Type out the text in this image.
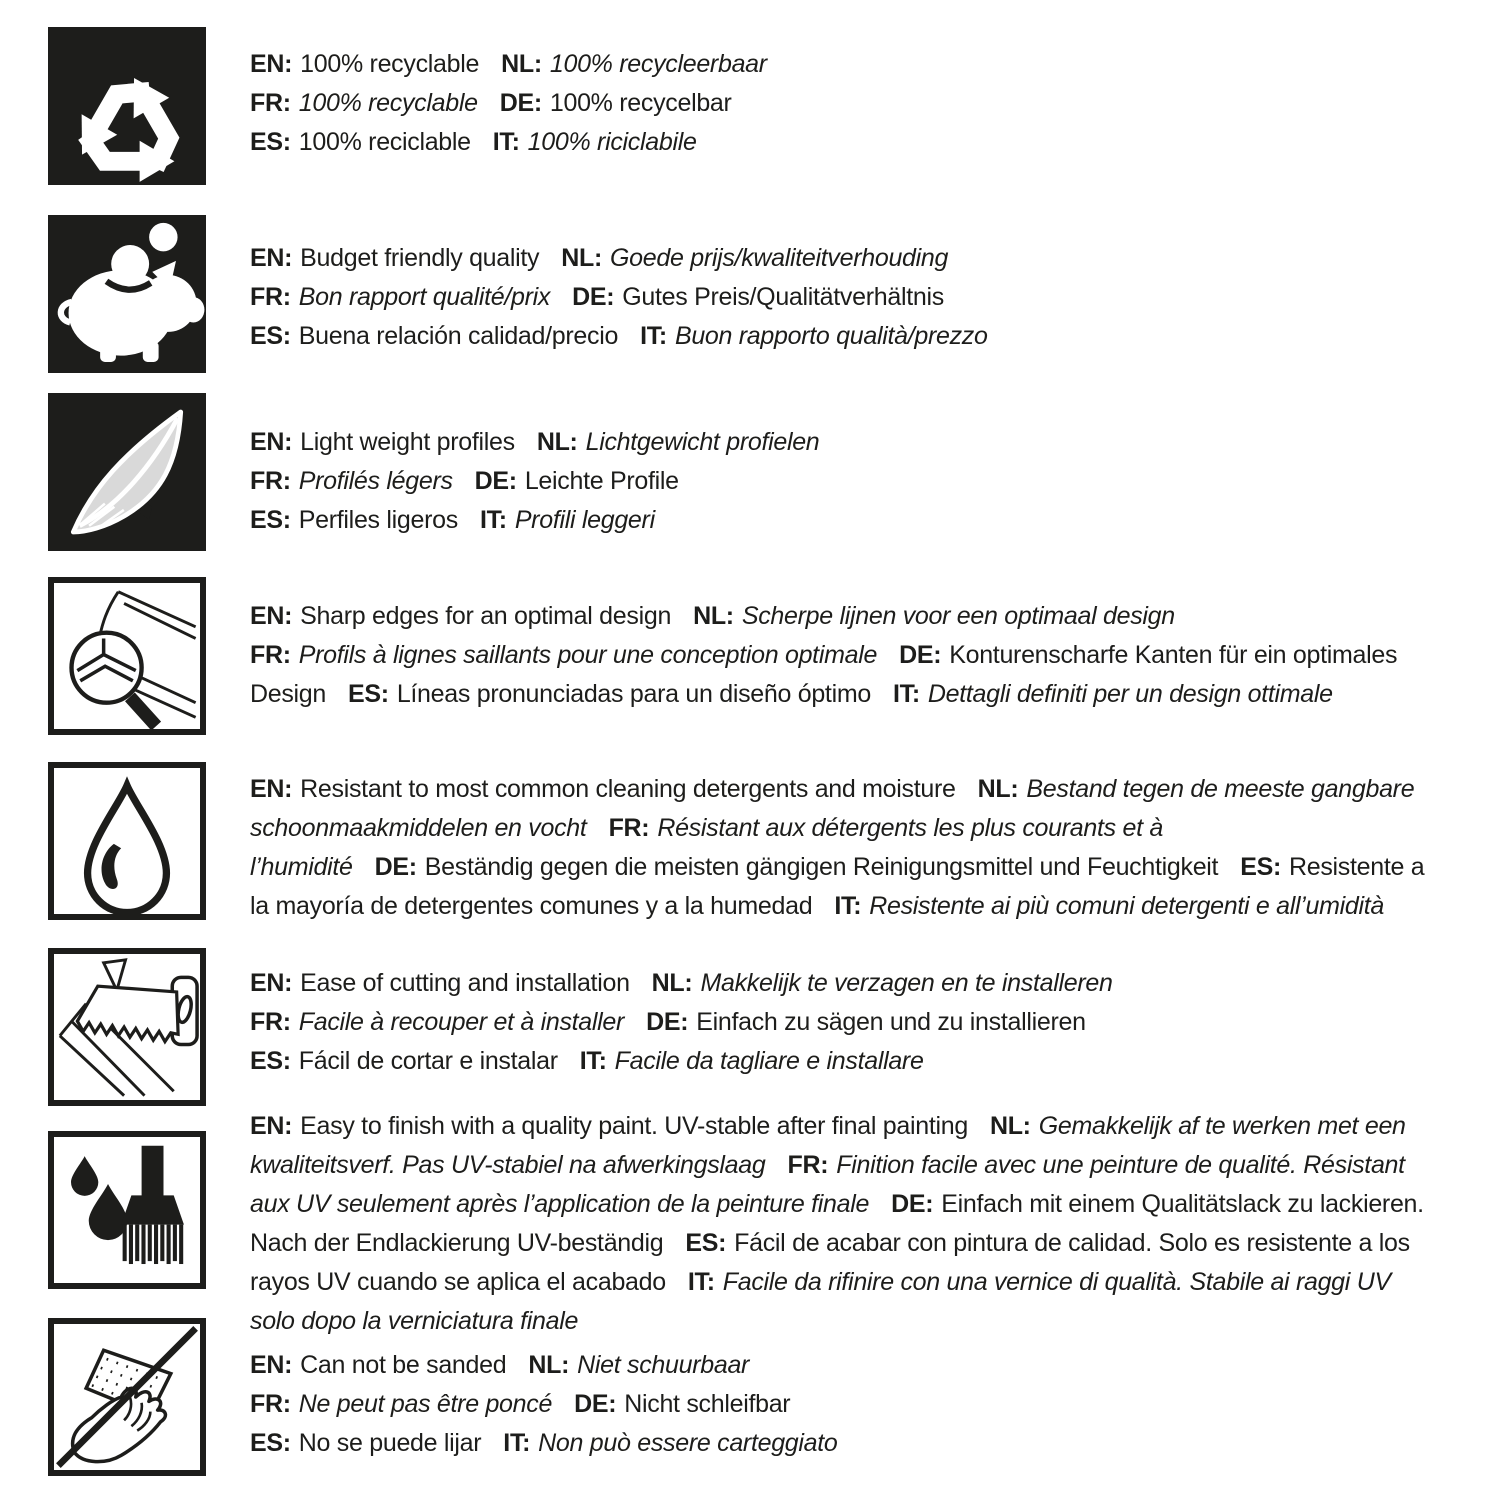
EN: 100% recyclable NL: 100% recycleerbaar
FR: 100% recyclable DE: 100% recycelbar
ES: 100% reciclable IT: 100% riciclabile
EN: Budget friendly quality NL: Goede prijs/kwaliteitverhouding
FR: Bon rapport qualité/prix DE: Gutes Preis/Qualitätverhältnis
ES: Buena relación calidad/precio IT: Buon rapporto qualità/prezzo
EN: Light weight profiles NL: Lichtgewicht profielen
FR: Profilés légers DE: Leichte Profile
ES: Perfiles ligeros IT: Profili leggeri
EN: Sharp edges for an optimal design NL: Scherpe lijnen voor een optimaal design
FR: Profils à lignes saillants pour une conception optimale DE: Konturenscharfe Kanten für ein optimales Design ES: Líneas pronunciadas para un diseño óptimo IT: Dettagli definiti per un design ottimale
EN: Resistant to most common cleaning detergents and moisture NL: Bestand tegen de meeste gangbare schoonmaakmiddelen en vocht FR: Résistant aux détergents les plus courants et à l’humidité DE: Beständig gegen die meisten gängigen Reinigungsmittel und Feuchtigkeit ES: Resistente a la mayoría de detergentes comunes y a la humedad IT: Resistente ai più comuni detergenti e all’umidità
EN: Ease of cutting and installation NL: Makkelijk te verzagen en te installeren
FR: Facile à recouper et à installer DE: Einfach zu sägen und zu installieren
ES: Fácil de cortar e instalar IT: Facile da tagliare e installare
EN: Easy to finish with a quality paint. UV-stable after final painting NL: Gemakkelijk af te werken met een kwaliteitsverf. Pas UV-stabiel na afwerkingslaag FR: Finition facile avec une peinture de qualité. Résistant aux UV seulement après l’application de la peinture finale DE: Einfach mit einem Qualitätslack zu lackieren. Nach der Endlackierung UV-beständig ES: Fácil de acabar con pintura de calidad. Solo es resistente a los rayos UV cuando se aplica el acabado IT: Facile da rifinire con una vernice di qualità. Stabile ai raggi UV solo dopo la verniciatura finale
EN: Can not be sanded NL: Niet schuurbaar
FR: Ne peut pas être poncé DE: Nicht schleifbar
ES: No se puede lijar IT: Non può essere carteggiato
